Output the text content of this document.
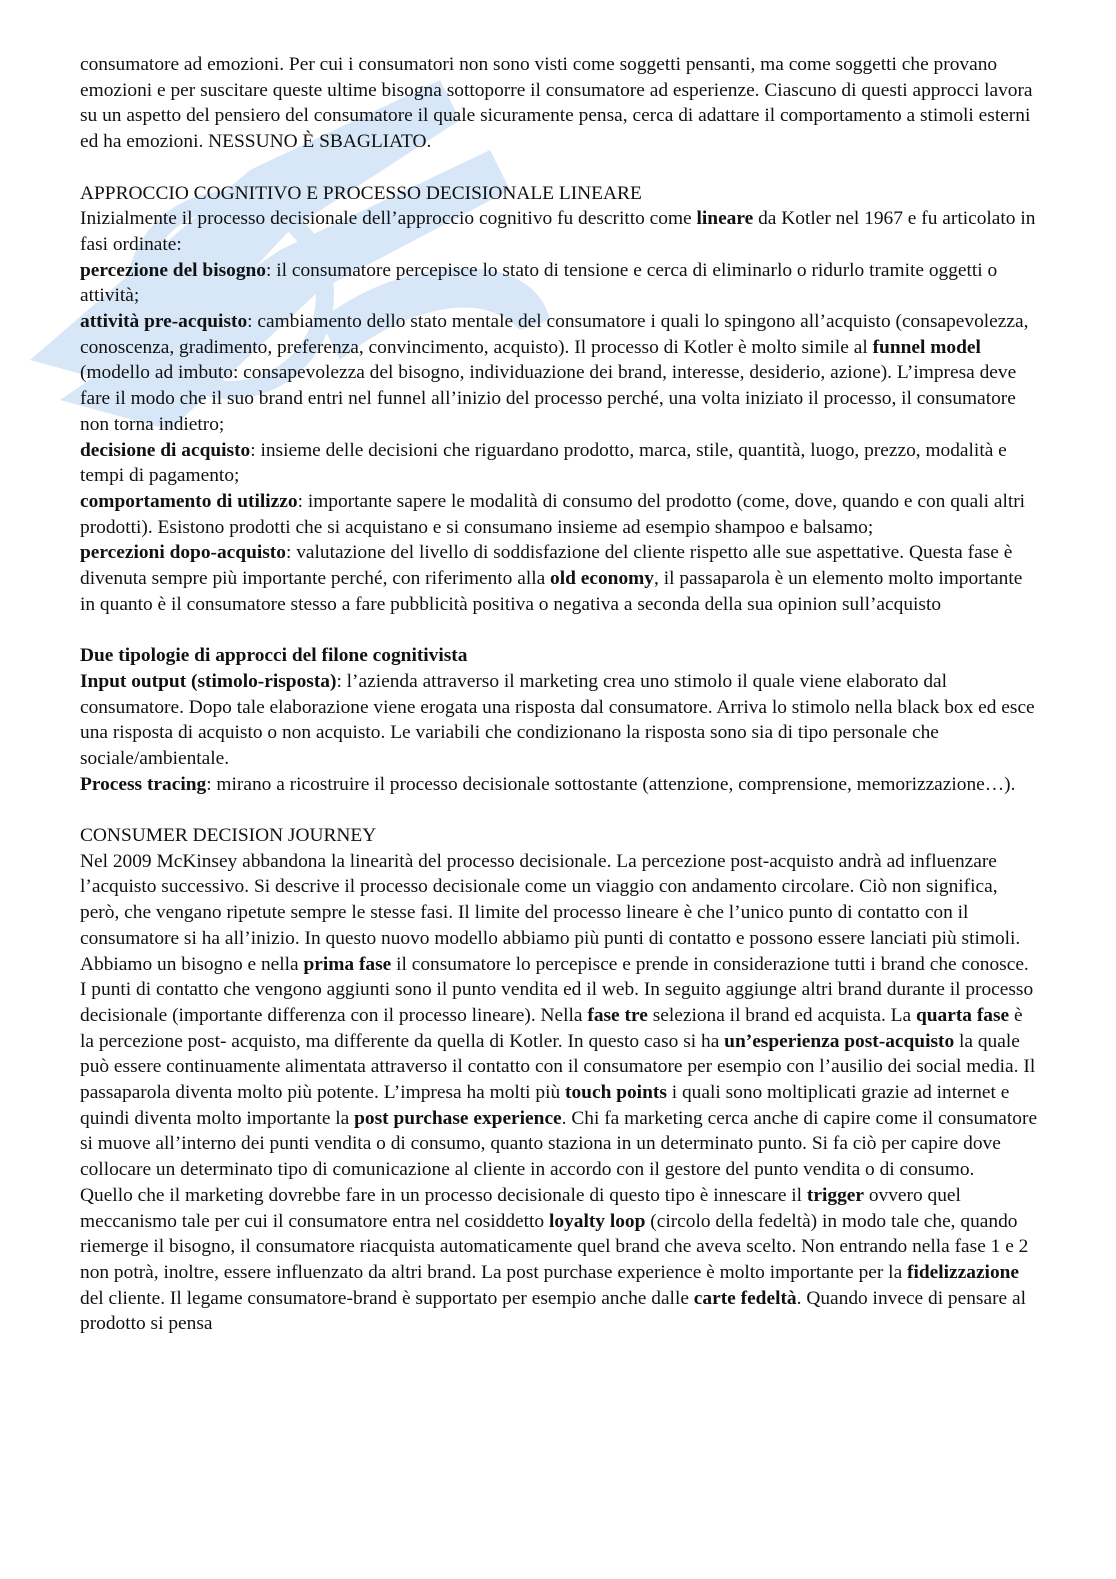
consumatore ad emozioni. Per cui i consumatori non sono visti come soggetti pensanti, ma come soggetti che provano emozioni e per suscitare queste ultime bisogna sottoporre il consumatore ad esperienze. Ciascuno di questi approcci lavora su un aspetto del pensiero del consumatore il quale sicuramente pensa, cerca di adattare il comportamento a stimoli esterni ed ha emozioni. NESSUNO È SBAGLIATO.

APPROCCIO COGNITIVO E PROCESSO DECISIONALE LINEARE

Inizialmente il processo decisionale dell’approccio cognitivo fu descritto come lineare da Kotler nel 1967 e fu articolato in fasi ordinate:

percezione del bisogno: il consumatore percepisce lo stato di tensione e cerca di eliminarlo o ridurlo tramite oggetti o attività;

attività pre-acquisto: cambiamento dello stato mentale del consumatore i quali lo spingono all’acquisto (consapevolezza, conoscenza, gradimento, preferenza, convincimento, acquisto). Il processo di Kotler è molto simile al funnel model (modello ad imbuto: consapevolezza del bisogno, individuazione dei brand, interesse, desiderio, azione). L’impresa deve fare il modo che il suo brand entri nel funnel all’inizio del processo perché, una volta iniziato il processo, il consumatore non torna indietro;

decisione di acquisto: insieme delle decisioni che riguardano prodotto, marca, stile, quantità, luogo, prezzo, modalità e tempi di pagamento;

comportamento di utilizzo: importante sapere le modalità di consumo del prodotto (come, dove, quando e con quali altri prodotti). Esistono prodotti che si acquistano e si consumano insieme ad esempio shampoo e balsamo;

percezioni dopo-acquisto: valutazione del livello di soddisfazione del cliente rispetto alle sue aspettative. Questa fase è divenuta sempre più importante perché, con riferimento alla old economy, il passaparola è un elemento molto importante in quanto è il consumatore stesso a fare pubblicità positiva o negativa a seconda della sua opinion sull’acquisto

Due tipologie di approcci del filone cognitivista

Input output (stimolo-risposta): l’azienda attraverso il marketing crea uno stimolo il quale viene elaborato dal consumatore. Dopo tale elaborazione viene erogata una risposta dal consumatore. Arriva lo stimolo nella black box ed esce una risposta di acquisto o non acquisto. Le variabili che condizionano la risposta sono sia di tipo personale che sociale/ambientale.

Process tracing: mirano a ricostruire il processo decisionale sottostante (attenzione, comprensione, memorizzazione…).

CONSUMER DECISION JOURNEY

Nel 2009 McKinsey abbandona la linearità del processo decisionale. La percezione post-acquisto andrà ad influenzare l’acquisto successivo. Si descrive il processo decisionale come un viaggio con andamento circolare. Ciò non significa, però, che vengano ripetute sempre le stesse fasi. Il limite del processo lineare è che l’unico punto di contatto con il consumatore si ha all’inizio. In questo nuovo modello abbiamo più punti di contatto e possono essere lanciati più stimoli.

Abbiamo un bisogno e nella prima fase il consumatore lo percepisce e prende in considerazione tutti i brand che conosce. I punti di contatto che vengono aggiunti sono il punto vendita ed il web. In seguito aggiunge altri brand durante il processo decisionale (importante differenza con il processo lineare). Nella fase tre seleziona il brand ed acquista. La quarta fase è la percezione post- acquisto, ma differente da quella di Kotler. In questo caso si ha un’esperienza post-acquisto la quale può essere continuamente alimentata attraverso il contatto con il consumatore per esempio con l’ausilio dei social media. Il passaparola diventa molto più potente. L’impresa ha molti più touch points i quali sono moltiplicati grazie ad internet e quindi diventa molto importante la post purchase experience. Chi fa marketing cerca anche di capire come il consumatore si muove all’interno dei punti vendita o di consumo, quanto staziona in un determinato punto. Si fa ciò per capire dove collocare un determinato tipo di comunicazione al cliente in accordo con il gestore del punto vendita o di consumo.

Quello che il marketing dovrebbe fare in un processo decisionale di questo tipo è innescare il trigger ovvero quel meccanismo tale per cui il consumatore entra nel cosiddetto loyalty loop (circolo della fedeltà) in modo tale che, quando riemerge il bisogno, il consumatore riacquista automaticamente quel brand che aveva scelto. Non entrando nella fase 1 e 2 non potrà, inoltre, essere influenzato da altri brand. La post purchase experience è molto importante per la fidelizzazione del cliente. Il legame consumatore-brand è supportato per esempio anche dalle carte fedeltà. Quando invece di pensare al prodotto si pensa
